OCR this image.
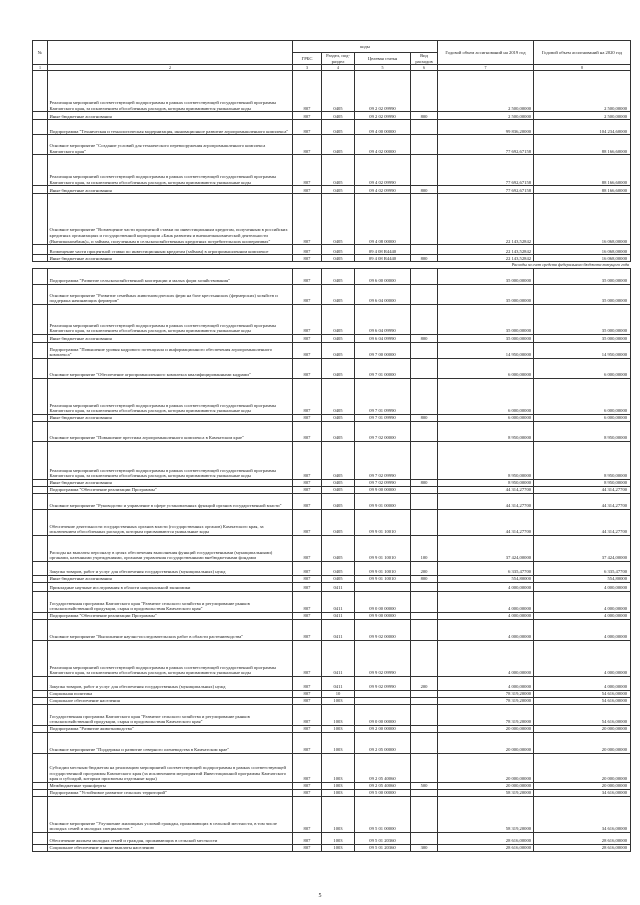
№		коды				Годовой объем ассигнований на 2019 год	Годовой объем ассигнований на 2020 год
		ГРБС	Раздел, под-раздел	Целевая статья	Вид расходов		
1	2	3	4	5	6	7	8
	Реализация мероприятий соответствующей подпрограммы в рамках соответствующей государственной программы Камчатского края, за исключением обособленных расходов, которым присваиваются уникальные коды	807	0405	09 2 02 09990		2 500,00000	2 500,00000
	Иные бюджетные ассигнования	807	0405	09 2 02 09990	800	2 500,00000	2 500,00000
	Подпрограмма "Техническая и технологическая модернизация, инновационное развитие агропромышленного комплекса"	807	0405	09 4 00 00000		99 836,20000	104 234,60000
	Основное мероприятие "Создание условий для технического перевооружения агропромышленного комплекса Камчатского края"	807	0405	09 4 02 00000		77 692,67158	88 166,60000
	Реализация мероприятий соответствующей подпрограммы в рамках соответствующей государственной программы Камчатского края, за исключением обособленных расходов, которым присваиваются уникальные коды	807	0405	09 4 02 09990		77 692,67158	88 166,60000
	Иные бюджетные ассигнования	807	0405	09 4 02 09990	800	77 692,67158	88 166,60000
	Основное мероприятие "Возмещение части процентной ставки по инвестиционным кредитам, полученным в российских кредитных организациях и государственной корпорации «Банк развития и внешнеэкономической деятельности (Внешэкономбанк)», и займам, полученным в сельскохозяйственных кредитных потребительских кооперативах"	807	0405	09 4 08 00000		22 143,52842	16 068,00000
	Возмещение части процентной ставки по инвестиционным кредитам (займам) в агропромышленном комплексе	807	0405	09 4 08 R4440		22 143,52842	16 068,00000
	Иные бюджетные ассигнования	807	0405	09 4 08 R4440	800	22 143,52842	16 068,00000
Расходы за счет средств федерального бюджета текущего года							
	Подпрограмма "Развитие сельскохозяйственной кооперации и малых форм хозяйствования"	807	0405	09 6 00 00000		35 000,00000	35 000,00000
	Основное мероприятие "Развитие семейных животноводческих ферм на базе крестьянских (фермерских) хозяйств и поддержка начинающих фермеров"	807	0405	09 6 04 00000		35 000,00000	35 000,00000
	Реализация мероприятий соответствующей подпрограммы в рамках соответствующей государственной программы Камчатского края, за исключением обособленных расходов, которым присваиваются уникальные коды	807	0405	09 6 04 09990		35 000,00000	35 000,00000
	Иные бюджетные ассигнования	807	0405	09 6 04 09990	800	35 000,00000	35 000,00000
	Подпрограмма "Повышение уровня кадрового потенциала и информационного обеспечения агропромышленного комплекса"	807	0405	09 7 00 00000		14 950,00000	14 950,00000
	Основное мероприятие "Обеспечение агропромышленного комплекса квалифицированными кадрами"	807	0405	09 7 01 00000		6 000,00000	6 000,00000
	Реализация мероприятий соответствующей подпрограммы в рамках соответствующей государственной программы Камчатского края, за исключением обособленных расходов, которым присваиваются уникальные коды	807	0405	09 7 01 09990		6 000,00000	6 000,00000
	Иные бюджетные ассигнования	807	0405	09 7 01 09990	800	6 000,00000	6 000,00000
	Основное мероприятие "Повышение престижа агропромышленного комплекса в Камчатском крае"	807	0405	09 7 02 00000		8 950,00000	8 950,00000
	Реализация мероприятий соответствующей подпрограммы в рамках соответствующей государственной программы Камчатского края, за исключением обособленных расходов, которым присваиваются уникальные коды	807	0405	09 7 02 09990		8 950,00000	8 950,00000
	Иные бюджетные ассигнования	807	0405	09 7 02 09990	800	8 950,00000	8 950,00000
	Подпрограмма "Обеспечение реализации Программы"	807	0405	09 9 00 00000		44 314,27700	44 314,27700
	Основное мероприятие "Руководство и управление в сфере установленных функций органов государственной власти"	807	0405	09 9 01 00000		44 314,27700	44 314,27700
	Обеспечение деятельности государственных органов власти (государственных органов) Камчатского края, за исключением обособленных расходов, которым присваиваются уникальные коды	807	0405	09 9 01 10010		44 314,27700	44 314,27700
	Расходы на выплаты персоналу в целях обеспечения выполнения функций государственными (муниципальными) органами, казенными учреждениями, органами управления государственными внебюджетными фондами	807	0405	09 9 01 10010	100	37 424,00000	37 424,00000
	Закупка товаров, работ и услуг для обеспечения государственных (муниципальных) нужд	807	0405	09 9 01 10010	200	6 335,47700	6 335,47700
	Иные бюджетные ассигнования	807	0405	09 9 01 10010	800	554,80000	554,80000
	Прикладные научные исследования в области национальной экономики	807	0411			4 000,00000	4 000,00000
	Государственная программа Камчатского края "Развитие сельского хозяйства и регулирование рынков сельскохозяйственной продукции, сырья и продовольствия Камчатского края"	807	0411	09 0 00 00000		4 000,00000	4 000,00000
	Подпрограмма "Обеспечение реализации Программы"	807	0411	09 9 00 00000		4 000,00000	4 000,00000
	Основное мероприятие "Выполнение научно-исследовательских работ в области растениеводства"	807	0411	09 9 02 00000		4 000,00000	4 000,00000
	Реализация мероприятий соответствующей подпрограммы в рамках соответствующей государственной программы Камчатского края, за исключением обособленных расходов, которым присваиваются уникальные коды	807	0411	09 9 02 09990		4 000,00000	4 000,00000
	Закупка товаров, работ и услуг для обеспечения государственных (муниципальных) нужд	807	0411	09 9 02 09990	200	4 000,00000	4 000,00000
	Социальная политика	807	10			78 319,20000	54 616,00000
	Социальное обеспечение населения	807	1003			78 319,20000	54 616,00000
	Государственная программа Камчатского края "Развитие сельского хозяйства и регулирование рынков сельскохозяйственной продукции, сырья и продовольствия Камчатского края"	807	1003	09 0 00 00000		78 319,20000	54 616,00000
	Подпрограмма "Развитие животноводства"	807	1003	09 2 00 00000		20 000,00000	20 000,00000
	Основное мероприятие "Поддержка и развитие северного оленеводства в Камчатском крае"	807	1003	09 2 05 00000		20 000,00000	20 000,00000
	Субсидии местным бюджетам на реализацию мероприятий соответствующей подпрограммы в рамках соответствующей государственной программы Камчатского края (за исключением мероприятий Инвестиционной программы Камчатского края и субсидий, которым присвоены отдельные коды)	807	1003	09 2 05 40060		20 000,00000	20 000,00000
	Межбюджетные трансферты	807	1003	09 2 05 40060	500	20 000,00000	20 000,00000
	Подпрограмма "Устойчивое развитие сельских территорий"	807	1003	09 5 00 00000		58 319,20000	34 616,00000
	Основное мероприятие "Улучшение жилищных условий граждан, проживающих в сельской местности, в том числе молодых семей и молодых специалистов "	807	1003	09 5 01 00000		58 319,20000	34 616,00000
	Обеспечение жильем молодых семей и граждан, проживающих в сельской местности	807	1003	09 5 01 20360		28 616,00000	28 616,00000
	Социальное обеспечение и иные выплаты населению	807	1003	09 5 01 20360	300	28 616,00000	28 616,00000
5
